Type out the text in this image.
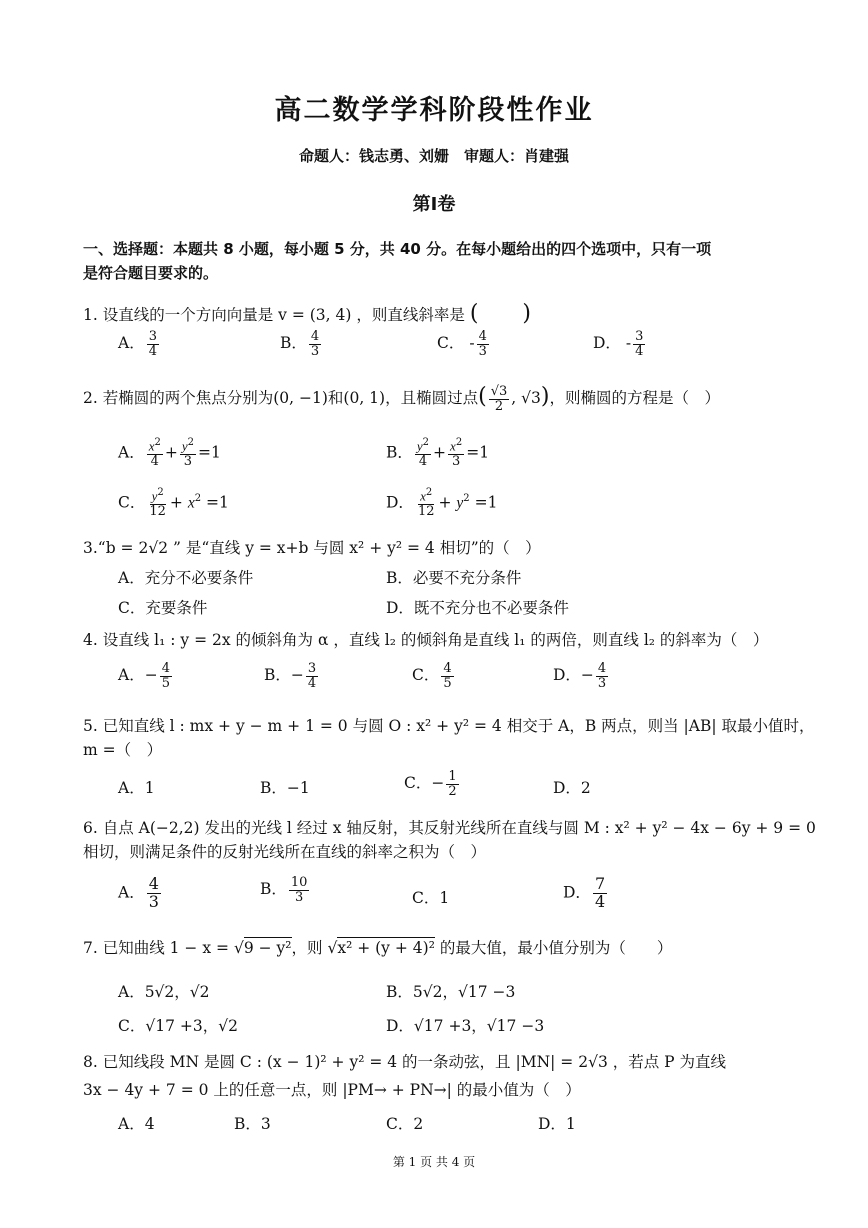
高二数学学科阶段性作业
命题人：钱志勇、刘姗　审题人：肖建强
第Ⅰ卷
一、选择题：本题共 8 小题，每小题 5 分，共 40 分。在每小题给出的四个选项中，只有一项
是符合题目要求的。
1. 设直线的一个方向向量是 v = (3, 4) ，则直线斜率是 (　　)
A． $\frac{3}{4}$	B． $\frac{4}{3}$	C． - $\frac{4}{3}$	D． - $\frac{3}{4}$
2. 若椭圆的两个焦点分别为(0, −1)和(0, 1)，且椭圆过点( $\frac{√3}{2}$ , √3)，则椭圆的方程是（　）
A． $\frac{x^2}{4} + \frac{y^2}{3} =1$	B． $\frac{y^2}{4} + \frac{x^2}{3} =1$
C． $\frac{y^2}{12} + x^2 =1$	D． $\frac{x^2}{12} + y^2 =1$
3.“b = 2√2 ” 是“直线 y = x+b 与圆 x² + y² = 4 相切”的（　）
A．充分不必要条件	B．必要不充分条件
C．充要条件	D．既不充分也不必要条件
4. 设直线 l₁ : y = 2x 的倾斜角为 α ，直线 l₂ 的倾斜角是直线 l₁ 的两倍，则直线 l₂ 的斜率为（　）
A．− $\frac{4}{5}$	B．− $\frac{3}{4}$	C． $\frac{4}{5}$	D．− $\frac{4}{3}$
5. 已知直线 l : mx + y − m + 1 = 0 与圆 O : x² + y² = 4 相交于 A，B 两点，则当 |AB| 取最小值时，
m =（　）
A．1	B．−1	C．− $\frac{1}{2}$	D．2
6. 自点 A(−2,2) 发出的光线 l 经过 x 轴反射，其反射光线所在直线与圆 M : x² + y² − 4x − 6y + 9 = 0
相切，则满足条件的反射光线所在直线的斜率之积为（　）
A． $\frac{4}{3}$	B． $\frac{10}{3}$	C．1	D． $\frac{7}{4}$
7. 已知曲线 1 − x = √9 − y²，则 √x² + (y + 4)² 的最大值，最小值分别为（　　）
A．5√2，√2	B．5√2，√17 −3
C．√17 +3，√2	D．√17 +3，√17 −3
8. 已知线段 MN 是圆 C : (x − 1)² + y² = 4 的一条动弦，且 |MN| = 2√3 ，若点 P 为直线
3x − 4y + 7 = 0 上的任意一点，则 |PM→ + PN→| 的最小值为（　）
A．4	B．3	C．2	D．1
第 1 页 共 4 页
